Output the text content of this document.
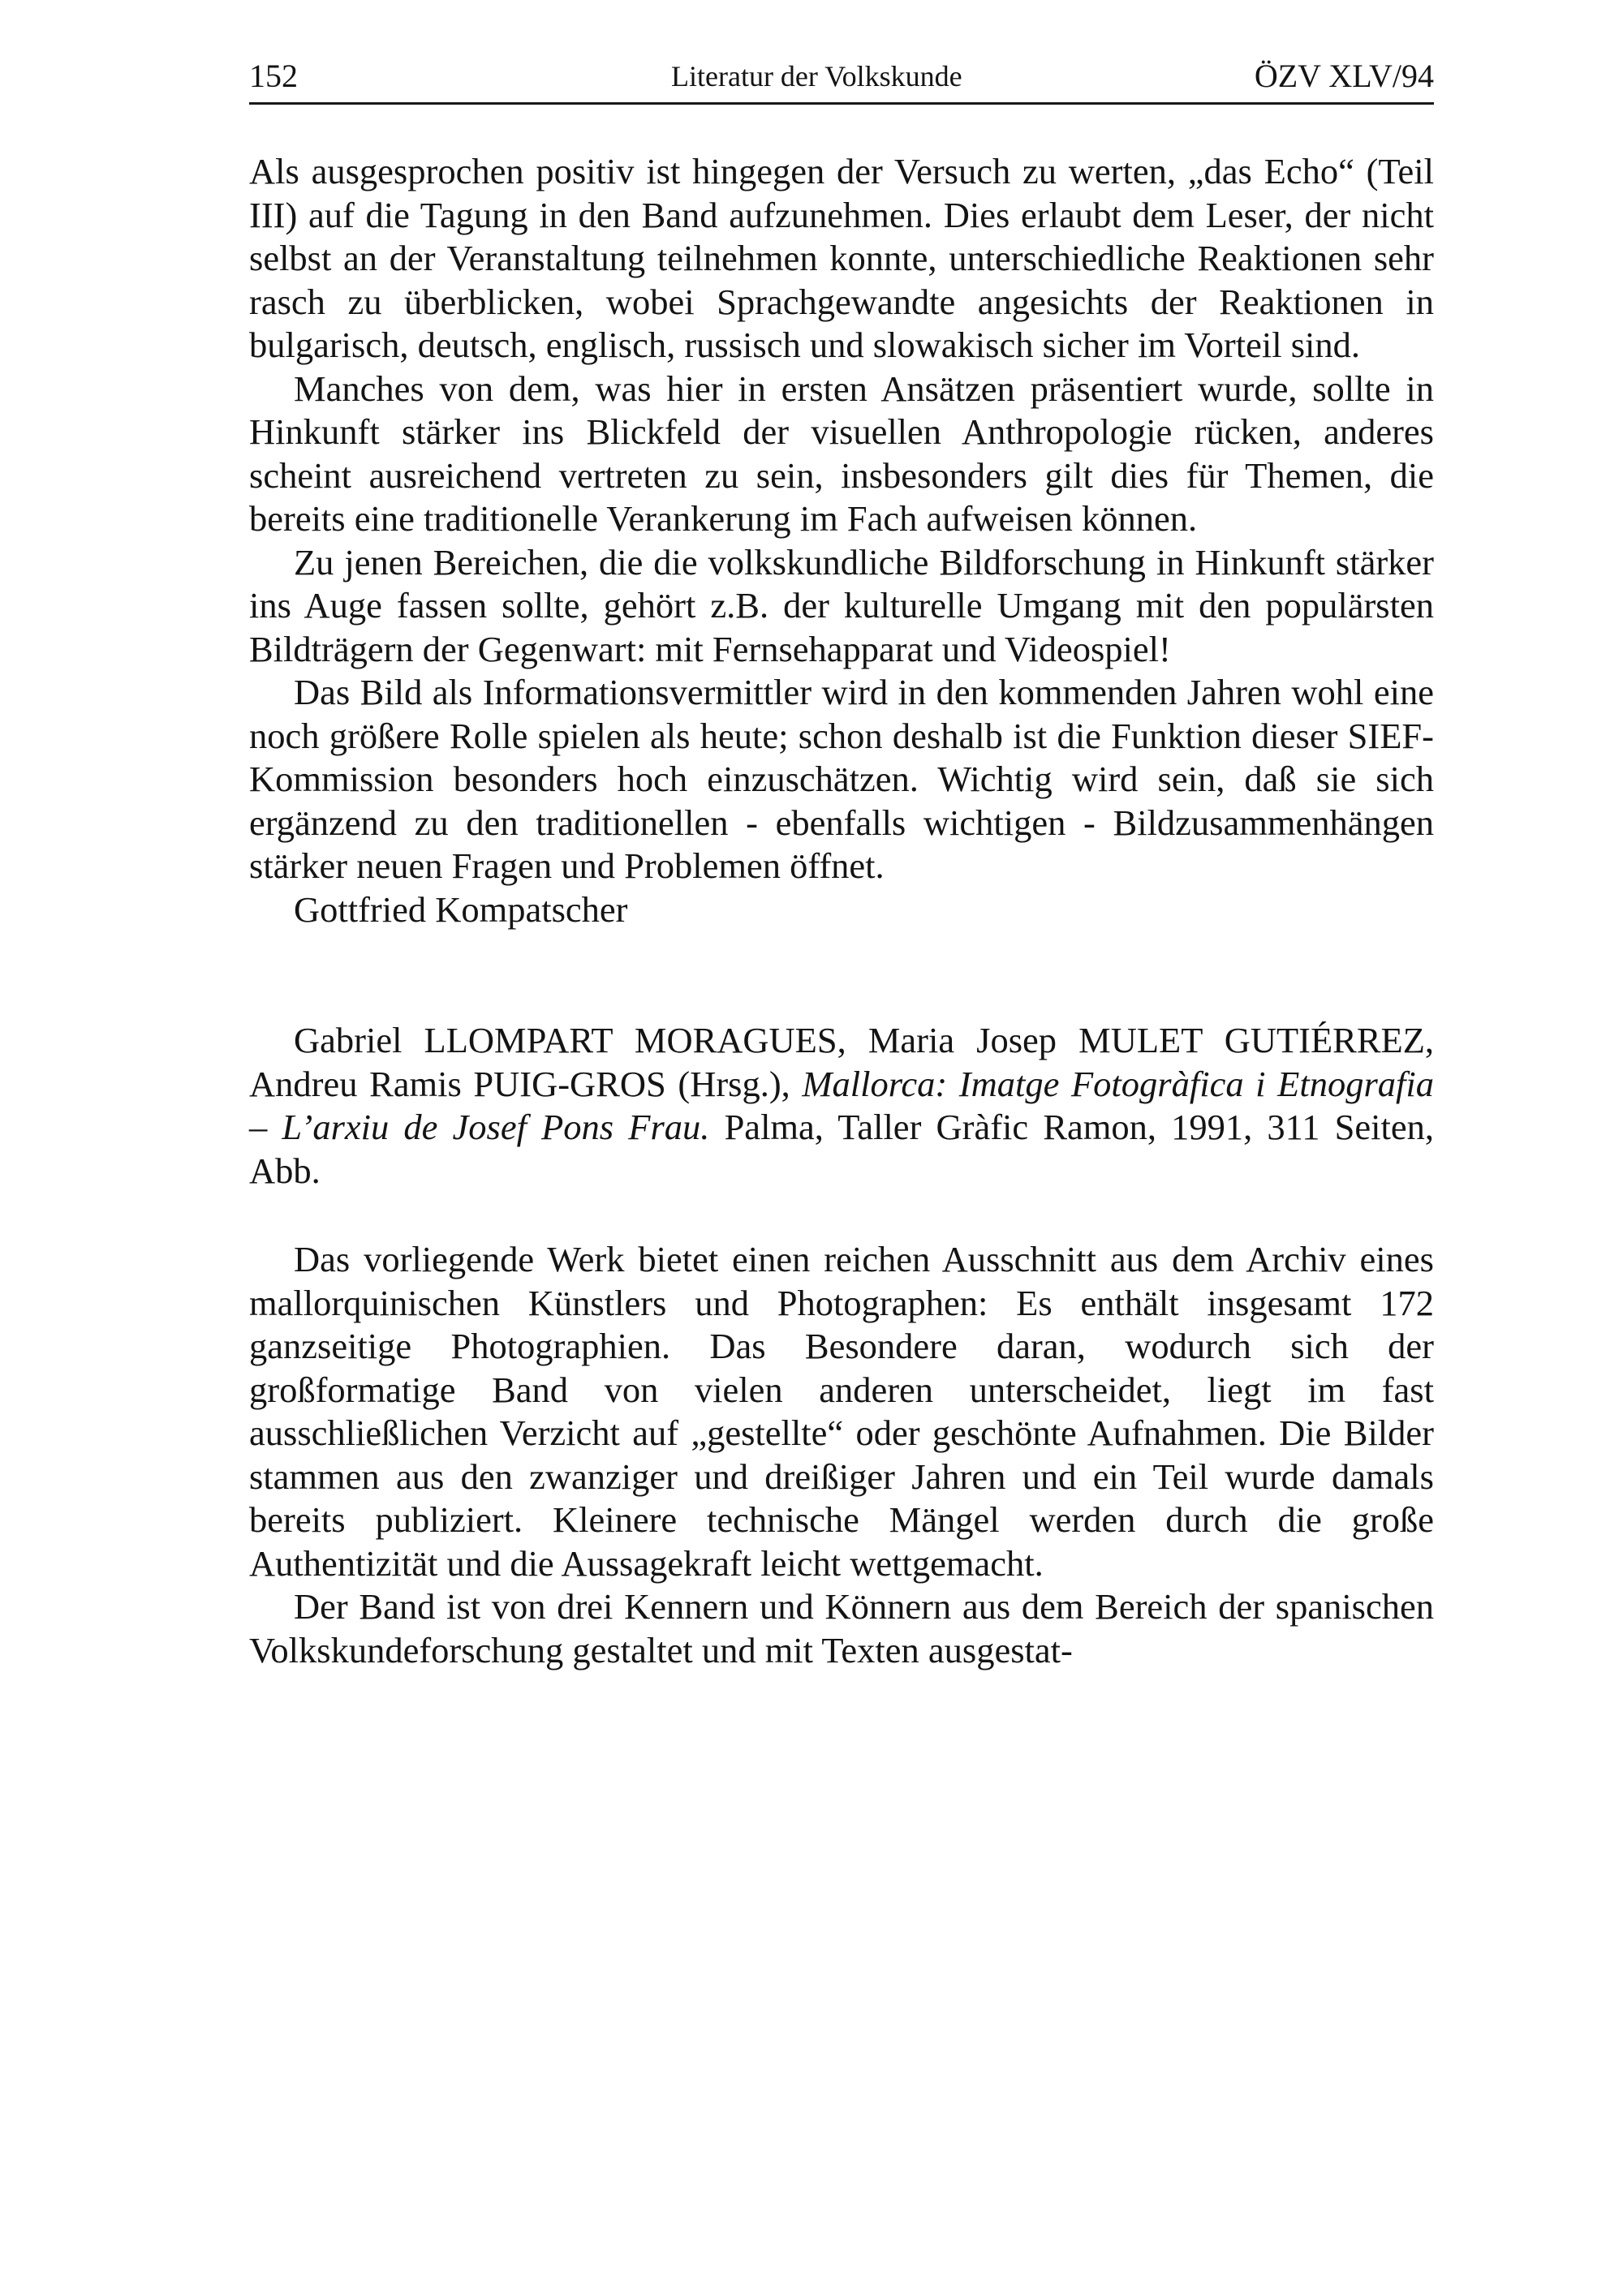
152	Literatur der Volkskunde	ÖZV XLV/94

Als ausgesprochen positiv ist hingegen der Versuch zu werten, „das Echo“ (Teil III) auf die Tagung in den Band aufzunehmen. Dies erlaubt dem Leser, der nicht selbst an der Veranstaltung teilnehmen konnte, unterschiedliche Reaktionen sehr rasch zu überblicken, wobei Sprachgewandte angesichts der Reaktionen in bulgarisch, deutsch, englisch, russisch und slowakisch sicher im Vorteil sind.

Manches von dem, was hier in ersten Ansätzen präsentiert wurde, sollte in Hinkunft stärker ins Blickfeld der visuellen Anthropologie rücken, anderes scheint ausreichend vertreten zu sein, insbesonders gilt dies für Themen, die bereits eine traditionelle Verankerung im Fach aufweisen können.

Zu jenen Bereichen, die die volkskundliche Bildforschung in Hinkunft stärker ins Auge fassen sollte, gehört z.B. der kulturelle Umgang mit den populärsten Bildträgern der Gegenwart: mit Fernsehapparat und Videospiel!

Das Bild als Informationsvermittler wird in den kommenden Jahren wohl eine noch größere Rolle spielen als heute; schon deshalb ist die Funktion dieser SIEF-Kommission besonders hoch einzuschätzen. Wichtig wird sein, daß sie sich ergänzend zu den traditionellen - ebenfalls wichtigen - Bildzusammenhängen stärker neuen Fragen und Problemen öffnet.

Gottfried Kompatscher

Gabriel LLOMPART MORAGUES, Maria Josep MULET GUTIÉRREZ, Andreu Ramis PUIG-GROS (Hrsg.), Mallorca: Imatge Fotogràfica i Etnografia – L’arxiu de Josef Pons Frau. Palma, Taller Gràfic Ramon, 1991, 311 Seiten, Abb.

Das vorliegende Werk bietet einen reichen Ausschnitt aus dem Archiv eines mallorquinischen Künstlers und Photographen: Es enthält insgesamt 172 ganzseitige Photographien. Das Besondere daran, wodurch sich der großformatige Band von vielen anderen unterscheidet, liegt im fast ausschließlichen Verzicht auf „gestellte“ oder geschönte Aufnahmen. Die Bilder stammen aus den zwanziger und dreißiger Jahren und ein Teil wurde damals bereits publiziert. Kleinere technische Mängel werden durch die große Authentizität und die Aussagekraft leicht wettgemacht.

Der Band ist von drei Kennern und Könnern aus dem Bereich der spanischen Volkskundeforschung gestaltet und mit Texten ausgestat-
